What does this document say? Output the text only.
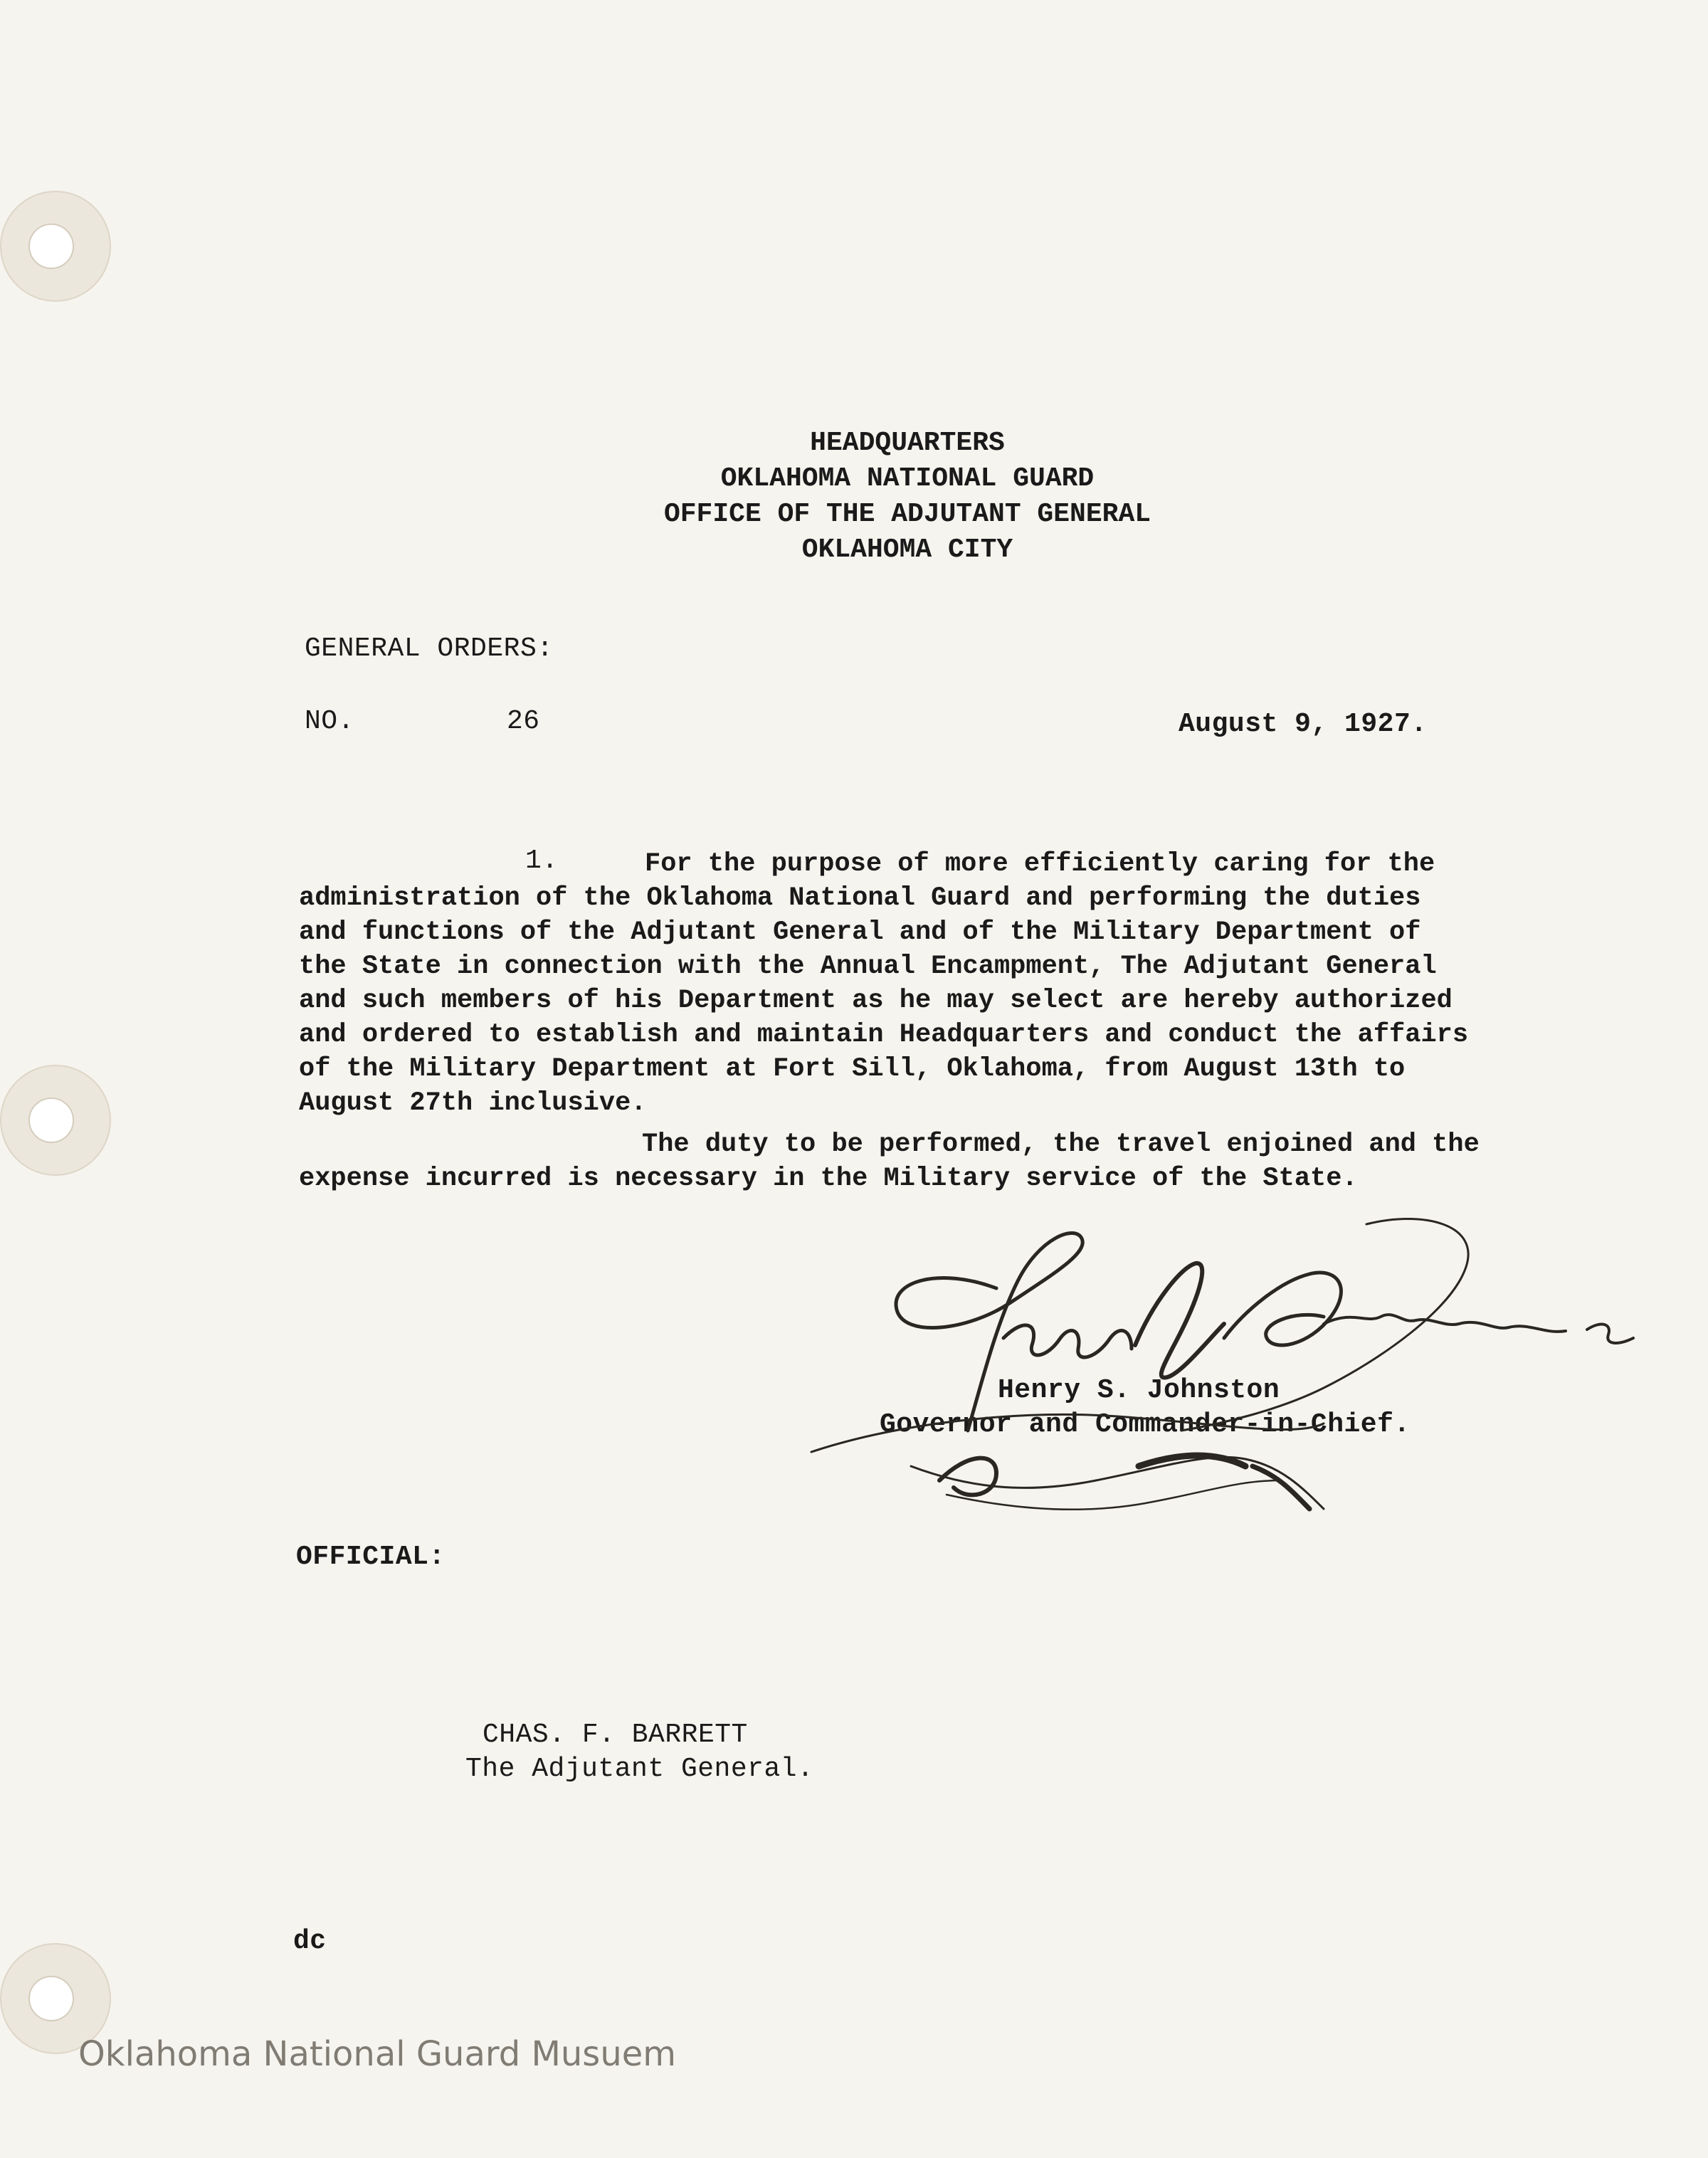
HEADQUARTERS
OKLAHOMA NATIONAL GUARD
OFFICE OF THE ADJUTANT GENERAL
OKLAHOMA CITY
GENERAL ORDERS:
NO.	26	August 9, 1927.
1.	For the purpose of more efficiently caring for the
administration of the Oklahoma National Guard and performing the duties
and functions of the Adjutant General and of the Military Department of
the State in connection with the Annual Encampment, The Adjutant General
and such members of his Department as he may select are hereby authorized
and ordered to establish and maintain Headquarters and conduct the affairs
of the Military Department at Fort Sill, Oklahoma, from August 13th to
August 27th inclusive.
The duty to be performed, the travel enjoined and the
expense incurred is necessary in the Military service of the State.
Henry S. Johnston
Governor and Commander-in-Chief.
OFFICIAL:
CHAS. F. BARRETT
The Adjutant General.
dc
Oklahoma National Guard Musuem
